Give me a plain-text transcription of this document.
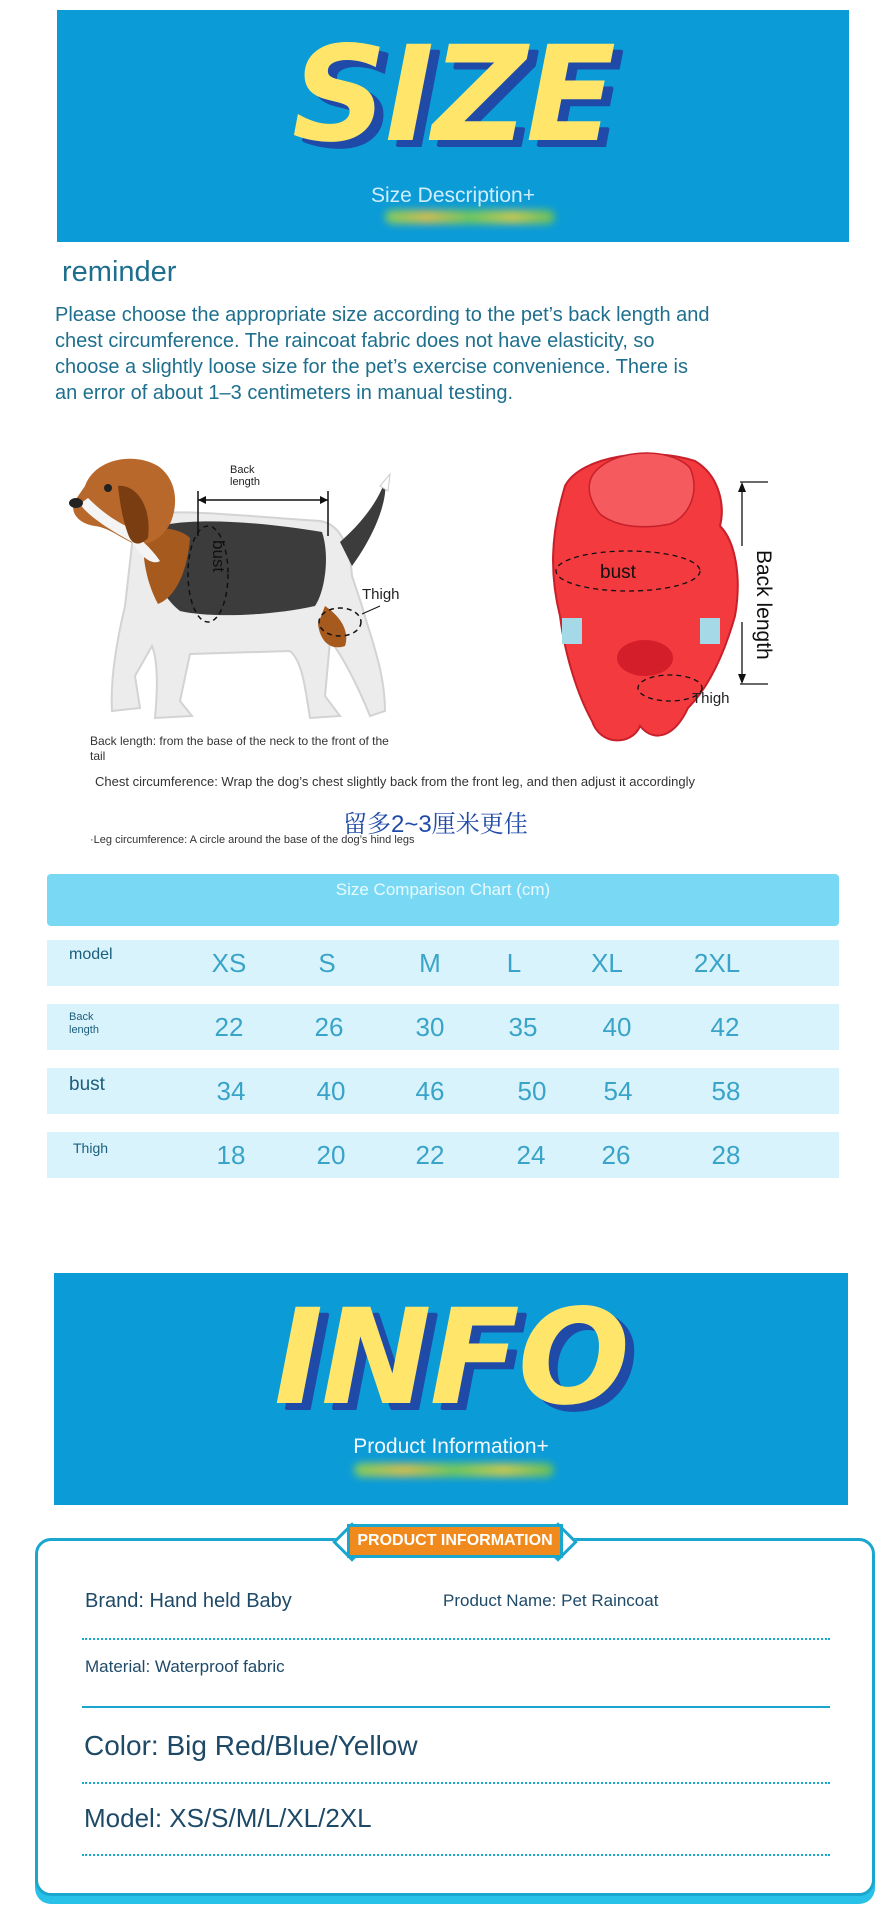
SIZE
Size Description+
reminder
Please choose the appropriate size according to the pet’s back length and chest circumference. The raincoat fabric does not have elasticity, so choose a slightly loose size for the pet’s exercise convenience. There is an error of about 1–3 centimeters in manual testing.
Back
length
bust
Thigh
bust	Back length
Thigh
Back length: from the base of the neck to the front of the tail
Chest circumference: Wrap the dog’s chest slightly back from the front leg, and then adjust it accordingly
留多2~3厘米更佳
·Leg circumference: A circle around the base of the dog’s hind legs
Size Comparison Chart (cm)
model	XS	S	M	L	XL	2XL
Back
length	22	26	30	35	40	42
bust	34	40	46	50	54	58
Thigh	18	20	22	24	26	28
INFO
Product Information+
PRODUCT INFORMATION
Brand: Hand held Baby	Product Name: Pet Raincoat
Material: Waterproof fabric
Color: Big Red/Blue/Yellow
Model: XS/S/M/L/XL/2XL
